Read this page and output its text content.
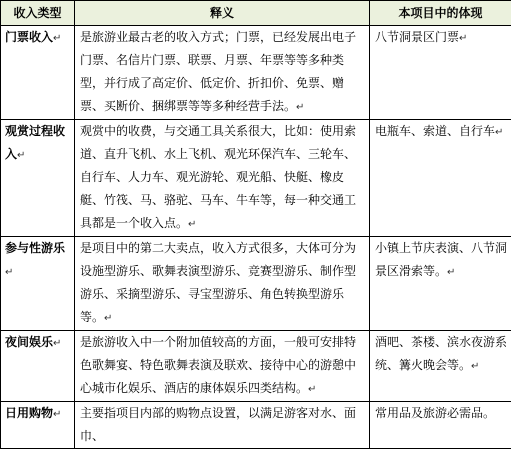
收入类型	释义	本项目中的体现
门票收入↵	是旅游业最古老的收入方式；门票，已经发展出电子门票、名信片门票、联票、月票、年票等等多种类型，并行成了高定价、低定价、折扣价、免票、赠票、买断价、捆绑票等等多种经营手法。↵	八节洞景区门票↵
观赏过程收入↵	观赏中的收费，与交通工具关系很大，比如：使用索道、直升飞机、水上飞机、观光环保汽车、三轮车、自行车、人力车、观光游轮、观光船、快艇、橡皮艇、竹筏、马、骆驼、马车、牛车等，每一种交通工具都是一个收入点。↵	电瓶车、索道、自行车↵
参与性游乐↵	是项目中的第二大卖点，收入方式很多，大体可分为设施型游乐、歌舞表演型游乐、竞赛型游乐、制作型游乐、采摘型游乐、寻宝型游乐、角色转换型游乐等。↵	小镇上节庆表演、八节洞景区滑索等。↵
夜间娱乐↵	是旅游收入中一个附加值较高的方面，一般可安排特色歌舞宴、特色歌舞表演及联欢、接待中心的游憩中心城市化娱乐、酒店的康体娱乐四类结构。↵	酒吧、茶楼、滨水夜游系统、篝火晚会等。↵
日用购物↵	主要指项目内部的购物点设置，以满足游客对水、面巾、	常用品及旅游必需品。
